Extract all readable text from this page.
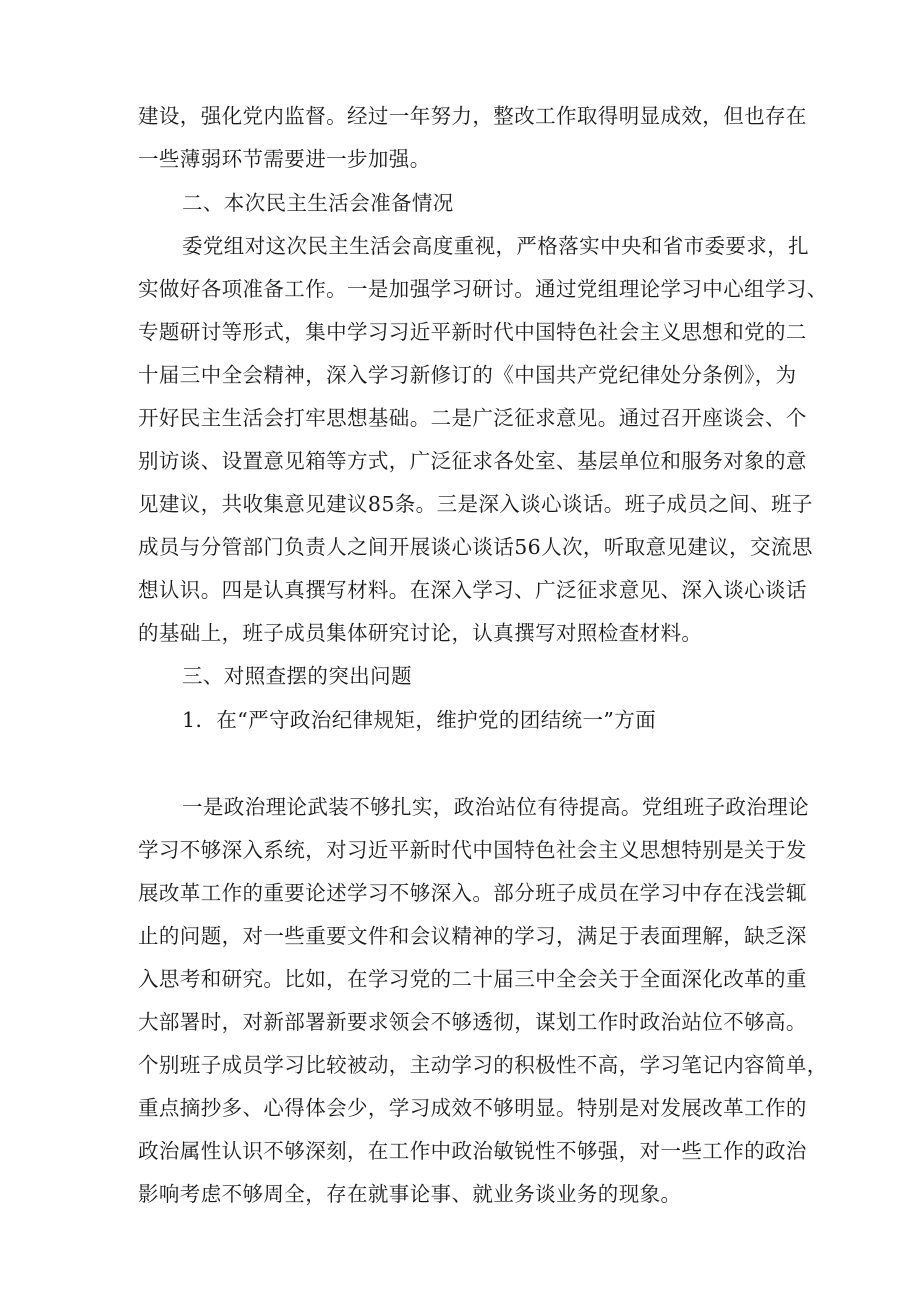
建设，强化党内监督。经过一年努力，整改工作取得明显成效，但也存在
一些薄弱环节需要进一步加强。
二、本次民主生活会准备情况
委党组对这次民主生活会高度重视，严格落实中央和省市委要求，扎
实做好各项准备工作。一是加强学习研讨。通过党组理论学习中心组学习、
专题研讨等形式，集中学习习近平新时代中国特色社会主义思想和党的二
十届三中全会精神，深入学习新修订的《中国共产党纪律处分条例》，为
开好民主生活会打牢思想基础。二是广泛征求意见。通过召开座谈会、个
别访谈、设置意见箱等方式，广泛征求各处室、基层单位和服务对象的意
见建议，共收集意见建议85条。三是深入谈心谈话。班子成员之间、班子
成员与分管部门负责人之间开展谈心谈话56人次，听取意见建议，交流思
想认识。四是认真撰写材料。在深入学习、广泛征求意见、深入谈心谈话
的基础上，班子成员集体研究讨论，认真撰写对照检查材料。
三、对照查摆的突出问题
1．在“严守政治纪律规矩，维护党的团结统一”方面
一是政治理论武装不够扎实，政治站位有待提高。党组班子政治理论
学习不够深入系统，对习近平新时代中国特色社会主义思想特别是关于发
展改革工作的重要论述学习不够深入。部分班子成员在学习中存在浅尝辄
止的问题，对一些重要文件和会议精神的学习，满足于表面理解，缺乏深
入思考和研究。比如，在学习党的二十届三中全会关于全面深化改革的重
大部署时，对新部署新要求领会不够透彻，谋划工作时政治站位不够高。
个别班子成员学习比较被动，主动学习的积极性不高，学习笔记内容简单，
重点摘抄多、心得体会少，学习成效不够明显。特别是对发展改革工作的
政治属性认识不够深刻，在工作中政治敏锐性不够强，对一些工作的政治
影响考虑不够周全，存在就事论事、就业务谈业务的现象。
